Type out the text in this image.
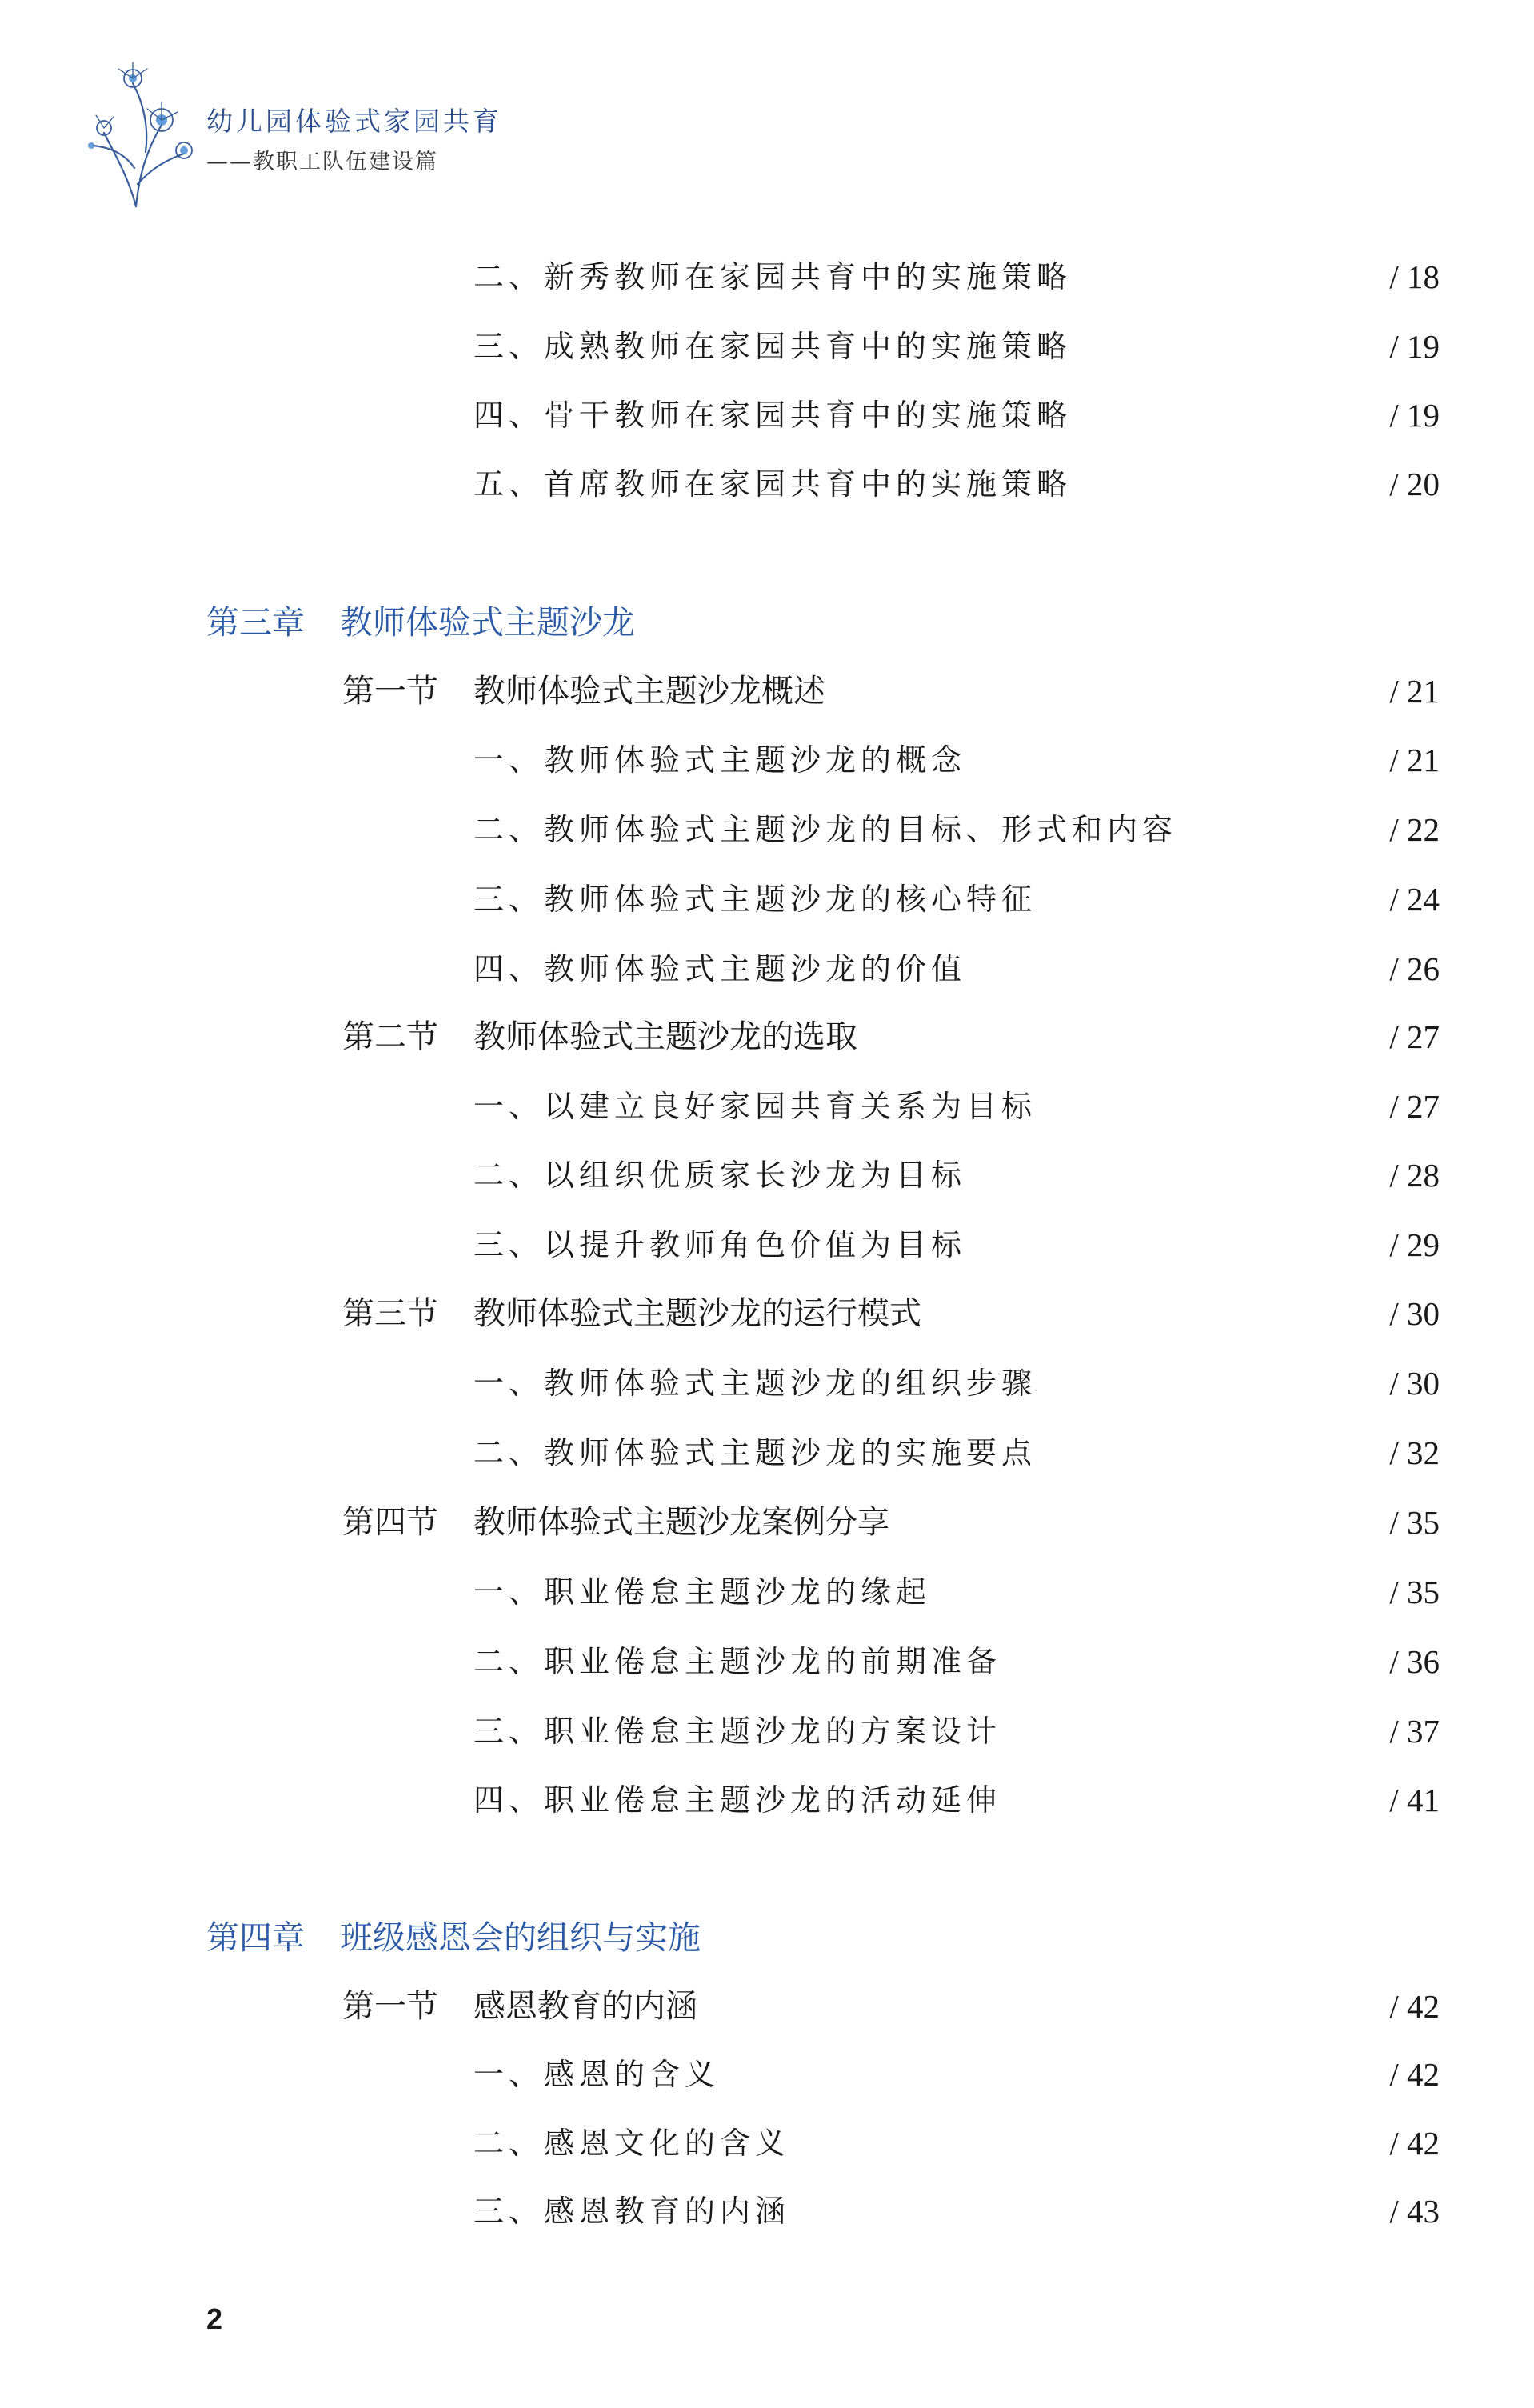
幼儿园体验式家园共育
——教职工队伍建设篇
二、新秀教师在家园共育中的实施策略	/ 18
三、成熟教师在家园共育中的实施策略	/ 19
四、骨干教师在家园共育中的实施策略	/ 19
五、首席教师在家园共育中的实施策略	/ 20
第三章 教师体验式主题沙龙
第一节 教师体验式主题沙龙概述	/ 21
一、教师体验式主题沙龙的概念	/ 21
二、教师体验式主题沙龙的目标、形式和内容	/ 22
三、教师体验式主题沙龙的核心特征	/ 24
四、教师体验式主题沙龙的价值	/ 26
第二节 教师体验式主题沙龙的选取	/ 27
一、以建立良好家园共育关系为目标	/ 27
二、以组织优质家长沙龙为目标	/ 28
三、以提升教师角色价值为目标	/ 29
第三节 教师体验式主题沙龙的运行模式	/ 30
一、教师体验式主题沙龙的组织步骤	/ 30
二、教师体验式主题沙龙的实施要点	/ 32
第四节 教师体验式主题沙龙案例分享	/ 35
一、职业倦怠主题沙龙的缘起	/ 35
二、职业倦怠主题沙龙的前期准备	/ 36
三、职业倦怠主题沙龙的方案设计	/ 37
四、职业倦怠主题沙龙的活动延伸	/ 41
第四章 班级感恩会的组织与实施
第一节 感恩教育的内涵	/ 42
一、感恩的含义	/ 42
二、感恩文化的含义	/ 42
三、感恩教育的内涵	/ 43
2
